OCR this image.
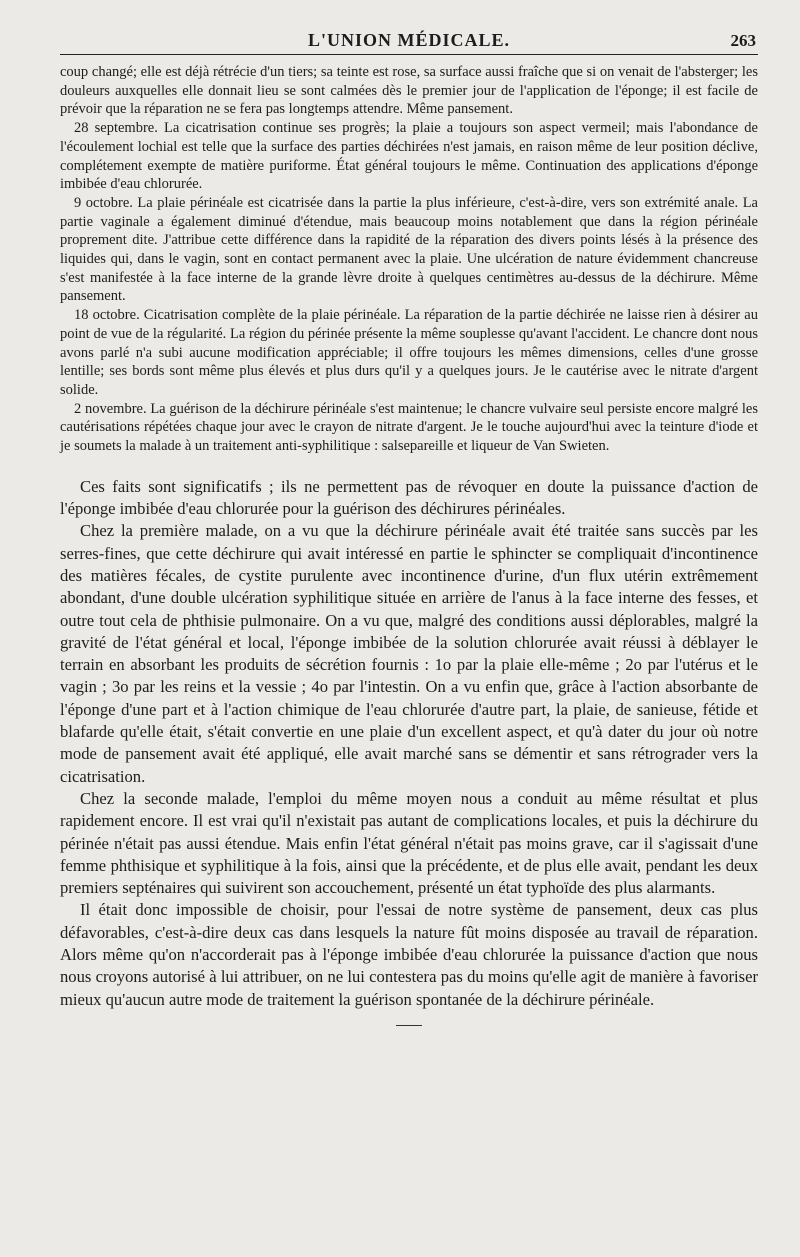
L'UNION MÉDICALE.	263

coup changé; elle est déjà rétrécie d'un tiers; sa teinte est rose, sa surface aussi fraîche que si on venait de l'absterger; les douleurs auxquelles elle donnait lieu se sont calmées dès le premier jour de l'application de l'éponge; il est facile de prévoir que la réparation ne se fera pas longtemps attendre. Même pansement.

28 septembre. La cicatrisation continue ses progrès; la plaie a toujours son aspect vermeil; mais l'abondance de l'écoulement lochial est telle que la surface des parties déchirées n'est jamais, en raison même de leur position déclive, complétement exempte de matière puriforme. État général toujours le même. Continuation des applications d'éponge imbibée d'eau chlorurée.

9 octobre. La plaie périnéale est cicatrisée dans la partie la plus inférieure, c'est-à-dire, vers son extrémité anale. La partie vaginale a également diminué d'étendue, mais beaucoup moins notablement que dans la région périnéale proprement dite. J'attribue cette différence dans la rapidité de la réparation des divers points lésés à la présence des liquides qui, dans le vagin, sont en contact permanent avec la plaie. Une ulcération de nature évidemment chancreuse s'est manifestée à la face interne de la grande lèvre droite à quelques centimètres au-dessus de la déchirure. Même pansement.

18 octobre. Cicatrisation complète de la plaie périnéale. La réparation de la partie déchirée ne laisse rien à désirer au point de vue de la régularité. La région du périnée présente la même souplesse qu'avant l'accident. Le chancre dont nous avons parlé n'a subi aucune modification appréciable; il offre toujours les mêmes dimensions, celles d'une grosse lentille; ses bords sont même plus élevés et plus durs qu'il y a quelques jours. Je le cautérise avec le nitrate d'argent solide.

2 novembre. La guérison de la déchirure périnéale s'est maintenue; le chancre vulvaire seul persiste encore malgré les cautérisations répétées chaque jour avec le crayon de nitrate d'argent. Je le touche aujourd'hui avec la teinture d'iode et je soumets la malade à un traitement anti-syphilitique : salsepareille et liqueur de Van Swieten.

Ces faits sont significatifs ; ils ne permettent pas de révoquer en doute la puissance d'action de l'éponge imbibée d'eau chlorurée pour la guérison des déchirures périnéales.

Chez la première malade, on a vu que la déchirure périnéale avait été traitée sans succès par les serres-fines, que cette déchirure qui avait intéressé en partie le sphincter se compliquait d'incontinence des matières fécales, de cystite purulente avec incontinence d'urine, d'un flux utérin extrêmement abondant, d'une double ulcération syphilitique située en arrière de l'anus à la face interne des fesses, et outre tout cela de phthisie pulmonaire. On a vu que, malgré des conditions aussi déplorables, malgré la gravité de l'état général et local, l'éponge imbibée de la solution chlorurée avait réussi à déblayer le terrain en absorbant les produits de sécrétion fournis : 1o par la plaie elle-même ; 2o par l'utérus et le vagin ; 3o par les reins et la vessie ; 4o par l'intestin. On a vu enfin que, grâce à l'action absorbante de l'éponge d'une part et à l'action chimique de l'eau chlorurée d'autre part, la plaie, de sanieuse, fétide et blafarde qu'elle était, s'était convertie en une plaie d'un excellent aspect, et qu'à dater du jour où notre mode de pansement avait été appliqué, elle avait marché sans se démentir et sans rétrograder vers la cicatrisation.

Chez la seconde malade, l'emploi du même moyen nous a conduit au même résultat et plus rapidement encore. Il est vrai qu'il n'existait pas autant de complications locales, et puis la déchirure du périnée n'était pas aussi étendue. Mais enfin l'état général n'était pas moins grave, car il s'agissait d'une femme phthisique et syphilitique à la fois, ainsi que la précédente, et de plus elle avait, pendant les deux premiers septénaires qui suivirent son accouchement, présenté un état typhoïde des plus alarmants.

Il était donc impossible de choisir, pour l'essai de notre système de pansement, deux cas plus défavorables, c'est-à-dire deux cas dans lesquels la nature fût moins disposée au travail de réparation. Alors même qu'on n'accorderait pas à l'éponge imbibée d'eau chlorurée la puissance d'action que nous nous croyons autorisé à lui attribuer, on ne lui contestera pas du moins qu'elle agit de manière à favoriser mieux qu'aucun autre mode de traitement la guérison spontanée de la déchirure périnéale.
